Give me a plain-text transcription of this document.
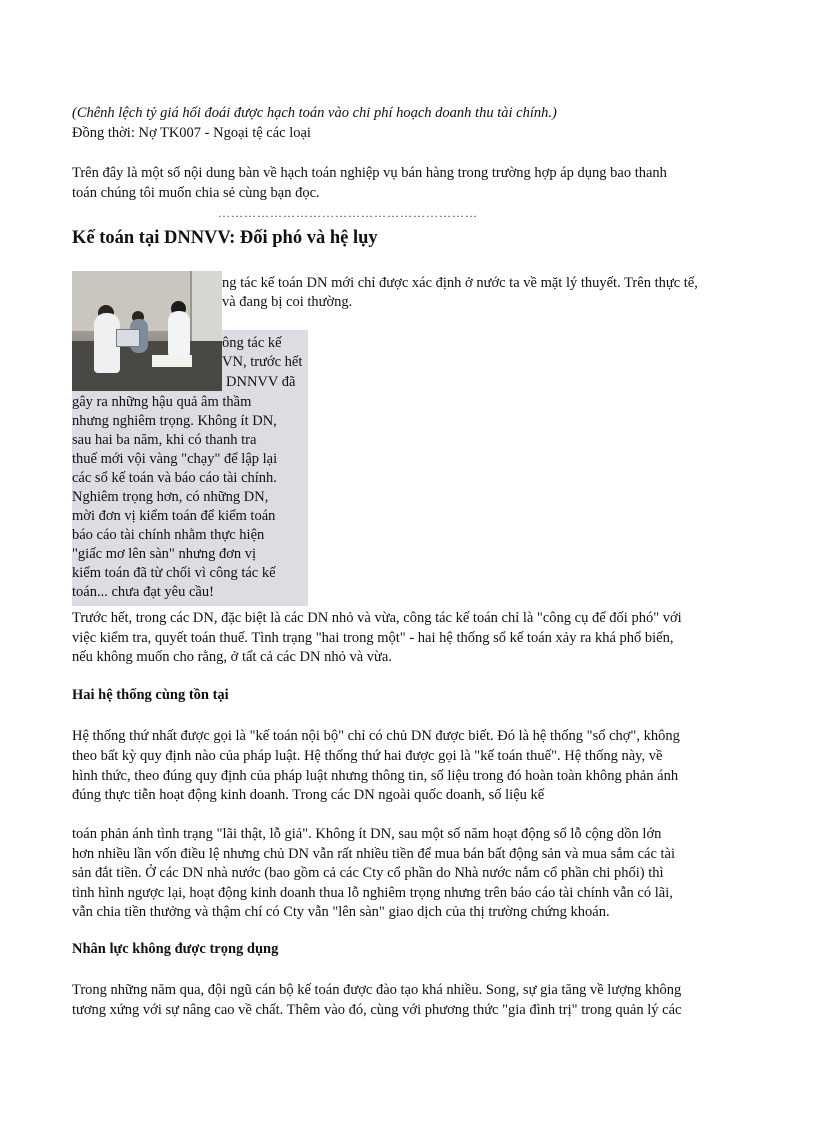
(Chênh lệch tỷ giá hối đoái được hạch toán vào chi phí hoạch doanh thu tài chính.)
Đồng thời: Nợ TK007 - Ngoại tệ các loại
Trên đây là một số nội dung bàn về hạch toán nghiệp vụ bán hàng trong trường hợp áp dụng bao thanh
toán chúng tôi muốn chia sẻ cùng bạn đọc.
……………………………………………………
Kế toán tại DNNVV: Đối phó và hệ lụy
ng tác kế toán DN mới chỉ được xác định ở nước ta về mặt lý thuyết. Trên thực tế,
và đang bị coi thường.
ông tác kế
VN, trước hết
DNNVV đã
gây ra những hậu quả âm thầm
nhưng nghiêm trọng. Không ít DN,
sau hai ba năm, khi có thanh tra
thuế mới vội vàng "chạy" để lập lại
các sổ kế toán và báo cáo tài chính.
Nghiêm trọng hơn, có những DN,
mời đơn vị kiểm toán để kiểm toán
báo cáo tài chính nhằm thực hiện
"giấc mơ lên sàn" nhưng đơn vị
kiểm toán đã từ chối vì công tác kế
toán... chưa đạt yêu cầu!
Trước hết, trong các DN, đặc biệt là các DN nhỏ và vừa, công tác kế toán chỉ là "công cụ để đối phó" với
việc kiểm tra, quyết toán thuế. Tình trạng "hai trong một" - hai hệ thống sổ kế toán xảy ra khá phổ biến,
nếu không muốn cho rằng, ở tất cả các DN nhỏ và vừa.
Hai hệ thống cùng tồn tại
Hệ thống thứ nhất được gọi là "kế toán nội bộ" chỉ có chủ DN được biết. Đó là hệ thống "sổ chợ", không
theo bất kỳ quy định nào của pháp luật. Hệ thống thứ hai được gọi là "kế toán thuế". Hệ thống này, về
hình thức, theo đúng quy định của pháp luật nhưng thông tin, số liệu trong đó hoàn toàn không phản ánh
đúng thực tiễn hoạt động kinh doanh. Trong các DN ngoài quốc doanh, số liệu kế
toán phản ánh tình trạng "lãi thật, lỗ giả". Không ít DN, sau một số năm hoạt động số lỗ cộng dồn lớn
hơn nhiều lần vốn điều lệ nhưng chủ DN vẫn rất nhiều tiền để mua bán bất động sản và mua sắm các tài
sản đắt tiền. Ở các DN nhà nước (bao gồm cả các Cty cổ phần do Nhà nước nắm cổ phần chi phối) thì
tình hình ngược lại, hoạt động kinh doanh thua lỗ nghiêm trọng nhưng trên báo cáo tài chính vẫn có lãi,
vẫn chia tiền thưởng và thậm chí có Cty vẫn "lên sàn" giao dịch của thị trường chứng khoán.
Nhân lực không được trọng dụng
Trong những năm qua, đội ngũ cán bộ kế toán được đào tạo khá nhiều. Song, sự gia tăng về lượng không
tương xứng với sự nâng cao về chất. Thêm vào đó, cùng với phương thức "gia đình trị" trong quản lý các
